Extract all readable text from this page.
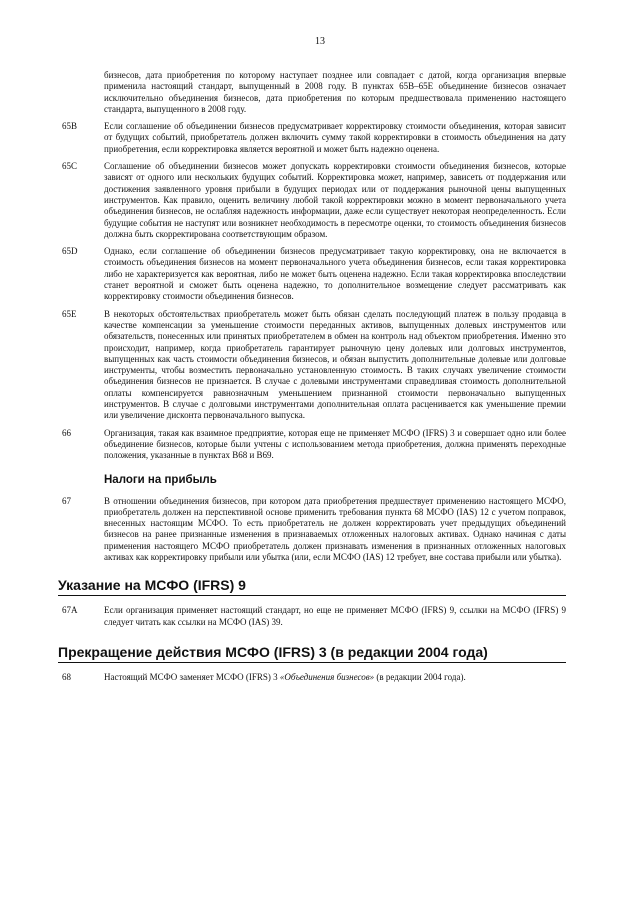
13
бизнесов, дата приобретения по которому наступает позднее или совпадает с датой, когда организация впервые применила настоящий стандарт, выпущенный в 2008 году. В пунктах 65B–65E объединение бизнесов означает исключительно объединения бизнесов, дата приобретения по которым предшествовала применению настоящего стандарта, выпущенного в 2008 году.
65B	Если соглашение об объединении бизнесов предусматривает корректировку стоимости объединения, которая зависит от будущих событий, приобретатель должен включить сумму такой корректировки в стоимость объединения на дату приобретения, если корректировка является вероятной и может быть надежно оценена.
65C	Соглашение об объединении бизнесов может допускать корректировки стоимости объединения бизнесов, которые зависят от одного или нескольких будущих событий. Корректировка может, например, зависеть от поддержания или достижения заявленного уровня прибыли в будущих периодах или от поддержания рыночной цены выпущенных инструментов. Как правило, оценить величину любой такой корректировки можно в момент первоначального учета объединения бизнесов, не ослабляя надежность информации, даже если существует некоторая неопределенность. Если будущие события не наступят или возникнет необходимость в пересмотре оценки, то стоимость объединения бизнесов должна быть скорректирована соответствующим образом.
65D	Однако, если соглашение об объединении бизнесов предусматривает такую корректировку, она не включается в стоимость объединения бизнесов на момент первоначального учета объединения бизнесов, если такая корректировка либо не характеризуется как вероятная, либо не может быть оценена надежно. Если такая корректировка впоследствии станет вероятной и сможет быть оценена надежно, то дополнительное возмещение следует рассматривать как корректировку стоимости объединения бизнесов.
65E	В некоторых обстоятельствах приобретатель может быть обязан сделать последующий платеж в пользу продавца в качестве компенсации за уменьшение стоимости переданных активов, выпущенных долевых инструментов или обязательств, понесенных или принятых приобретателем в обмен на контроль над объектом приобретения. Именно это происходит, например, когда приобретатель гарантирует рыночную цену долевых или долговых инструментов, выпущенных как часть стоимости объединения бизнесов, и обязан выпустить дополнительные долевые или долговые инструменты, чтобы возместить первоначально установленную стоимость. В таких случаях увеличение стоимости объединения бизнесов не признается. В случае с долевыми инструментами справедливая стоимость дополнительной оплаты компенсируется равнозначным уменьшением признанной стоимости первоначально выпущенных инструментов. В случае с долговыми инструментами дополнительная оплата расценивается как уменьшение премии или увеличение дисконта первоначального выпуска.
66	Организация, такая как взаимное предприятие, которая еще не применяет МСФО (IFRS) 3 и совершает одно или более объединение бизнесов, которые были учтены с использованием метода приобретения, должна применять переходные положения, указанные в пунктах B68 и B69.
Налоги на прибыль
67	В отношении объединения бизнесов, при котором дата приобретения предшествует применению настоящего МСФО, приобретатель должен на перспективной основе применить требования пункта 68 МСФО (IAS) 12 с учетом поправок, внесенных настоящим МСФО. То есть приобретатель не должен корректировать учет предыдущих объединений бизнесов на ранее признанные изменения в признаваемых отложенных налоговых активах. Однако начиная с даты применения настоящего МСФО приобретатель должен признавать изменения в признанных отложенных налоговых активах как корректировку прибыли или убытка (или, если МСФО (IAS) 12 требует, вне состава прибыли или убытка).
Указание на МСФО (IFRS) 9
67A	Если организация применяет настоящий стандарт, но еще не применяет МСФО (IFRS) 9, ссылки на МСФО (IFRS) 9 следует читать как ссылки на МСФО (IAS) 39.
Прекращение действия МСФО (IFRS) 3 (в редакции 2004 года)
68	Настоящий МСФО заменяет МСФО (IFRS) 3 «Объединения бизнесов» (в редакции 2004 года).
